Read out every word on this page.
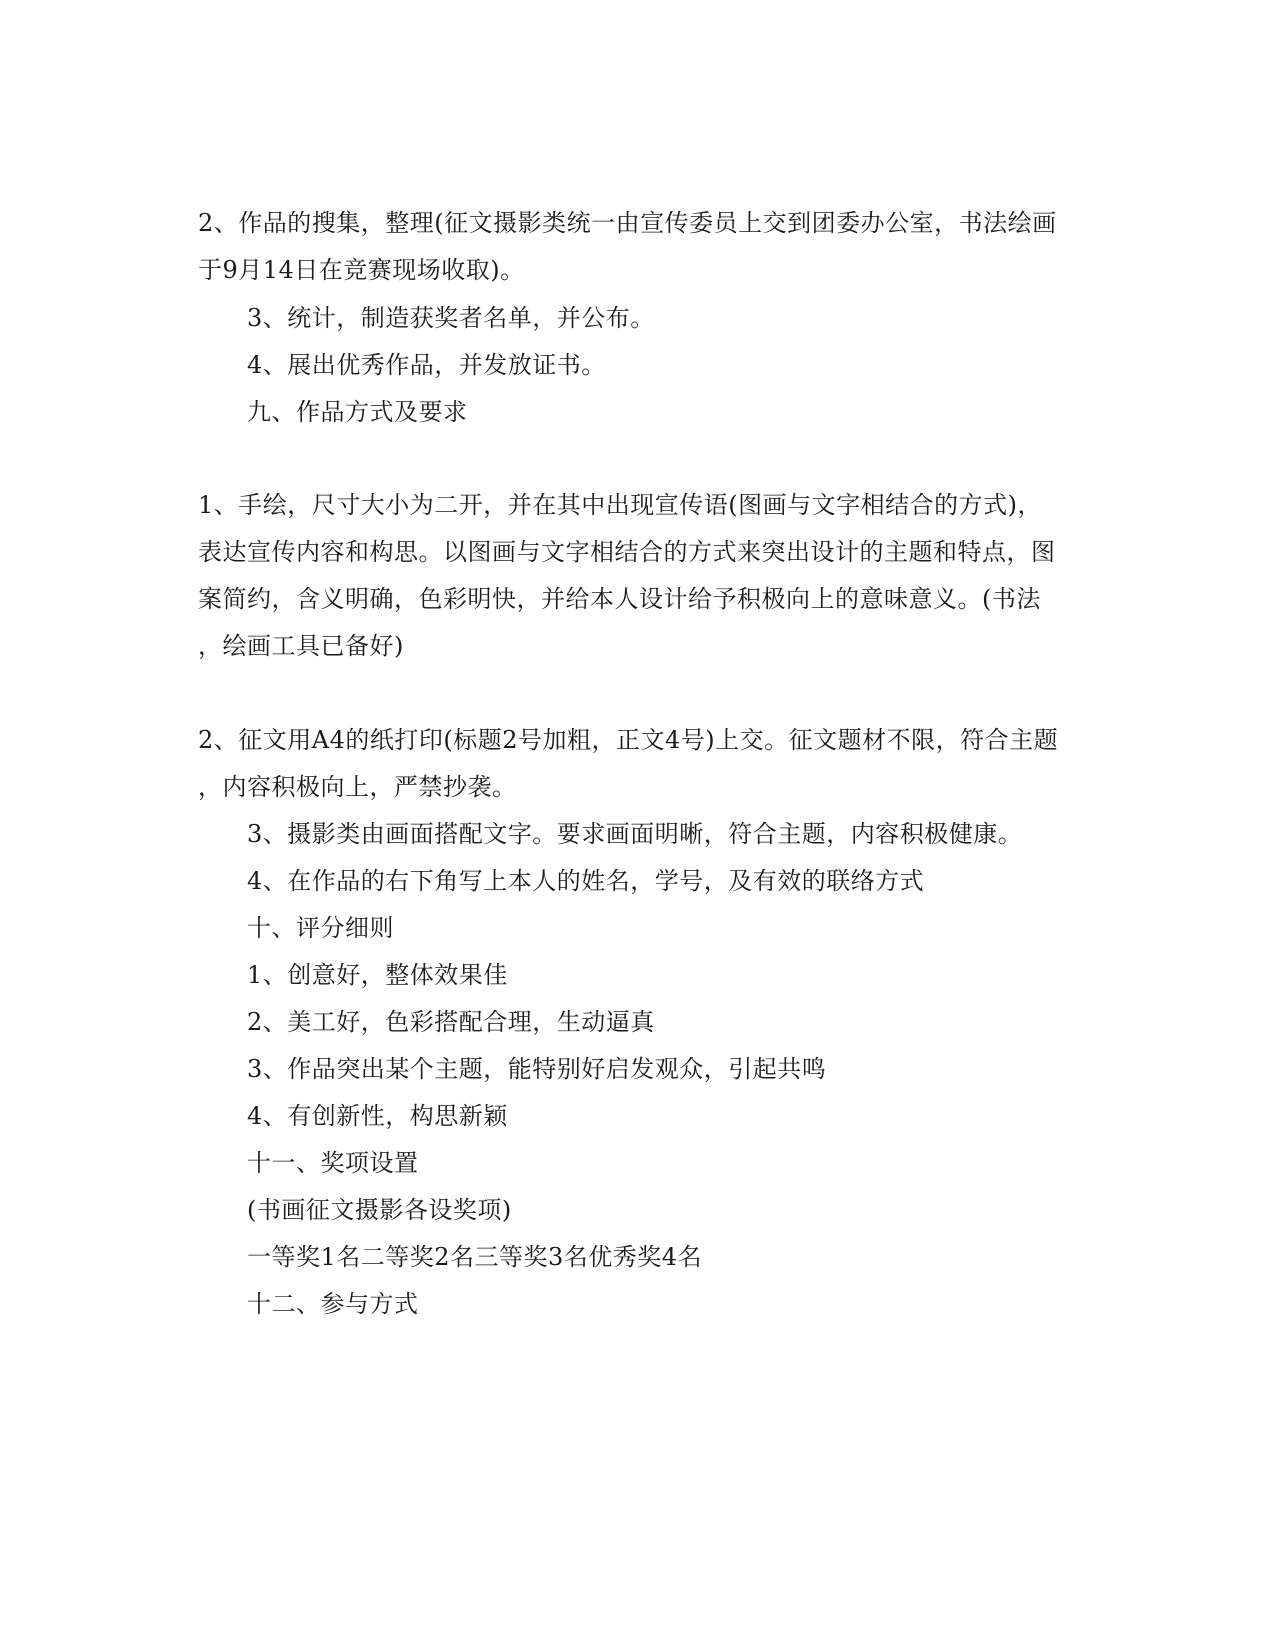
2、作品的搜集，整理(征文摄影类统一由宣传委员上交到团委办公室，书法绘画
于9月14日在竞赛现场收取)。
3、统计，制造获奖者名单，并公布。
4、展出优秀作品，并发放证书。
九、作品方式及要求
1、手绘，尺寸大小为二开，并在其中出现宣传语(图画与文字相结合的方式)，
表达宣传内容和构思。以图画与文字相结合的方式来突出设计的主题和特点，图
案简约，含义明确，色彩明快，并给本人设计给予积极向上的意味意义。(书法
，绘画工具已备好)
2、征文用A4的纸打印(标题2号加粗，正文4号)上交。征文题材不限，符合主题
，内容积极向上，严禁抄袭。
3、摄影类由画面搭配文字。要求画面明晰，符合主题，内容积极健康。
4、在作品的右下角写上本人的姓名，学号，及有效的联络方式
十、评分细则
1、创意好，整体效果佳
2、美工好，色彩搭配合理，生动逼真
3、作品突出某个主题，能特别好启发观众，引起共鸣
4、有创新性，构思新颖
十一、奖项设置
(书画征文摄影各设奖项)
一等奖1名二等奖2名三等奖3名优秀奖4名
十二、参与方式
